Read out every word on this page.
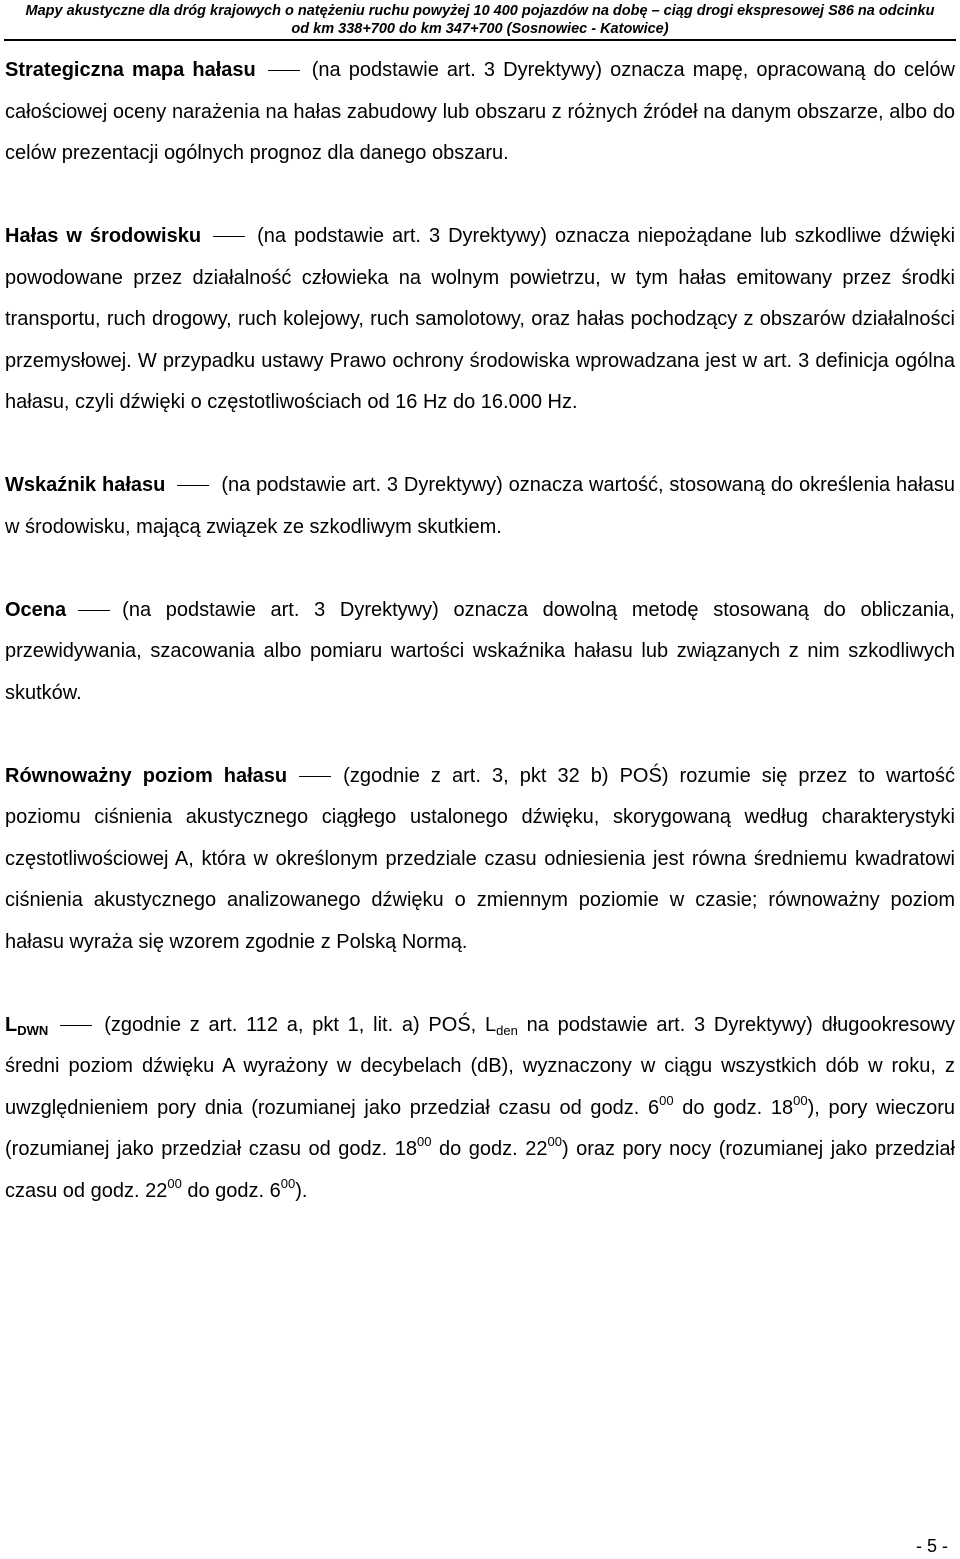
Mapy akustyczne dla dróg krajowych o natężeniu ruchu powyżej 10 400 pojazdów na dobę – ciąg drogi ekspresowej S86 na odcinku
od km 338+700 do km 347+700 (Sosnowiec - Katowice)

Strategiczna mapa hałasu	(na podstawie art. 3 Dyrektywy) oznacza mapę, opracowaną do celów całościowej oceny narażenia na hałas zabudowy lub obszaru z różnych źródeł na danym obszarze, albo do celów prezentacji ogólnych prognoz dla danego obszaru.

Hałas w środowisku	(na podstawie art. 3 Dyrektywy) oznacza niepożądane lub szkodliwe dźwięki powodowane przez działalność człowieka na wolnym powietrzu, w tym hałas emitowany przez środki transportu, ruch drogowy, ruch kolejowy, ruch samolotowy, oraz hałas pochodzący z obszarów działalności przemysłowej. W przypadku ustawy Prawo ochrony środowiska wprowadzana jest w art. 3 definicja ogólna hałasu, czyli dźwięki o częstotliwościach od 16 Hz do 16.000 Hz.

Wskaźnik hałasu	(na podstawie art. 3 Dyrektywy) oznacza wartość, stosowaną do określenia hałasu w środowisku, mającą związek ze szkodliwym skutkiem.

Ocena	(na podstawie art. 3 Dyrektywy) oznacza dowolną metodę stosowaną do obliczania, przewidywania, szacowania albo pomiaru wartości wskaźnika hałasu lub związanych z nim szkodliwych skutków.

Równoważny poziom hałasu	(zgodnie z art. 3, pkt 32 b) POŚ) rozumie się przez to wartość poziomu ciśnienia akustycznego ciągłego ustalonego dźwięku, skorygowaną według charakterystyki częstotliwościowej A, która w określonym przedziale czasu odniesienia jest równa średniemu kwadratowi ciśnienia akustycznego analizowanego dźwięku o zmiennym poziomie w czasie; równoważny poziom hałasu wyraża się wzorem zgodnie z Polską Normą.

$L_{DWN}$	(zgodnie z art. 112 a, pkt 1, lit. a) POŚ, $L_{den}$ na podstawie art. 3 Dyrektywy) długookresowy średni poziom dźwięku A wyrażony w decybelach (dB), wyznaczony w ciągu wszystkich dób w roku, z uwzględnieniem pory dnia (rozumianej jako przedział czasu od godz. $6^{00}$ do godz. $18^{00}$), pory wieczoru (rozumianej jako przedział czasu od godz. $18^{00}$ do godz. $22^{00}$) oraz pory nocy (rozumianej jako przedział czasu od godz. $22^{00}$ do godz. $6^{00}$).

- 5 -
